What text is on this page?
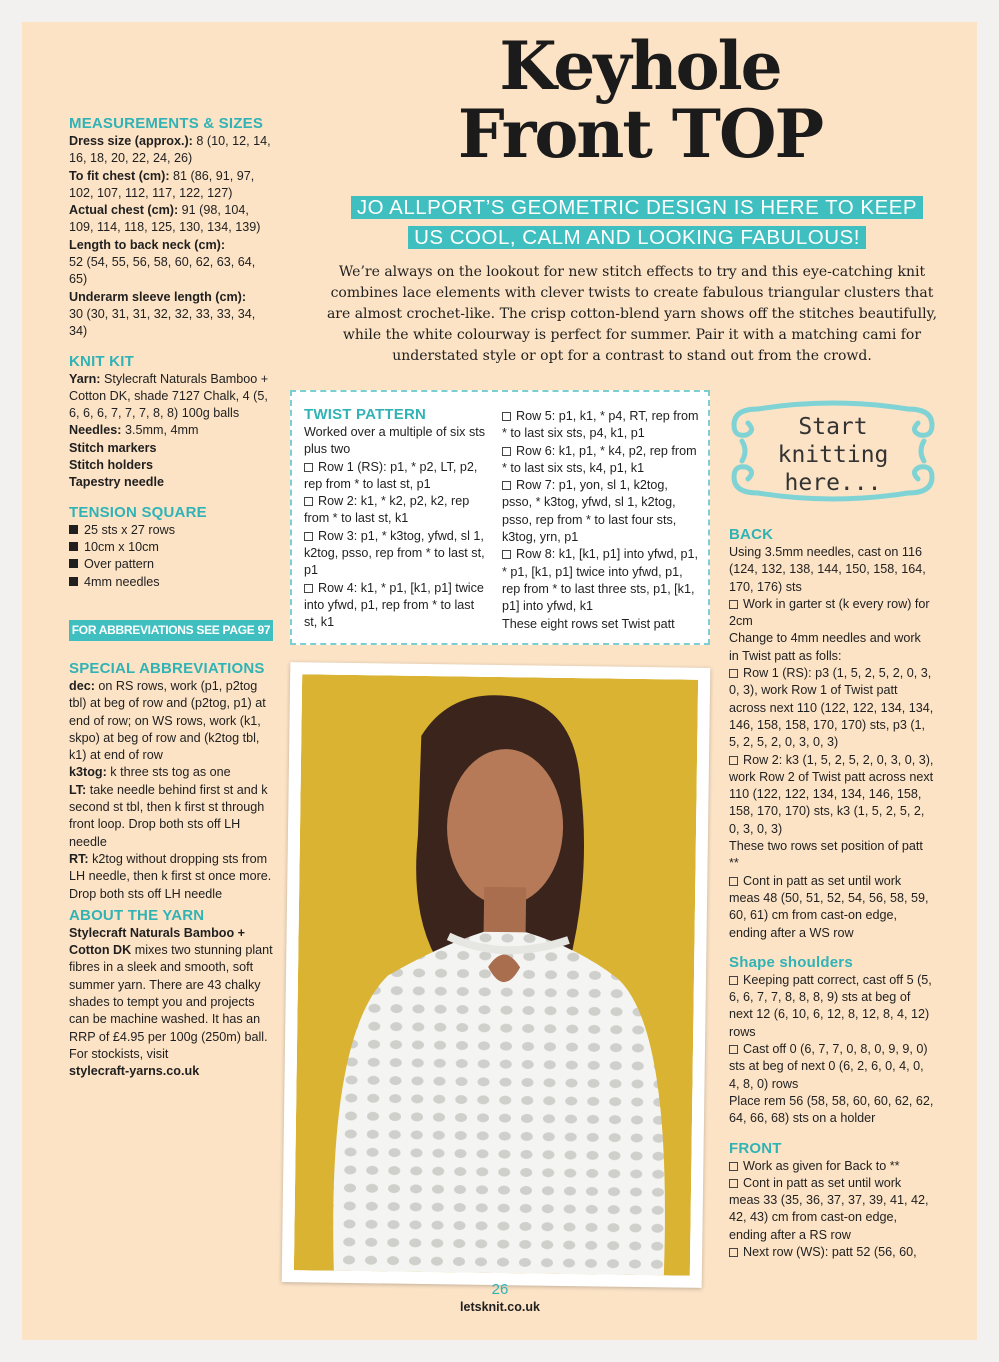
Keyhole
Front TOP
JO ALLPORT’S GEOMETRIC DESIGN IS HERE TO KEEP US COOL, CALM AND LOOKING FABULOUS!

We’re always on the lookout for new stitch effects to try and this eye-catching knit combines lace elements with clever twists to create fabulous triangular clusters that are almost crochet-like. The crisp cotton-blend yarn shows off the stitches beautifully, while the white colourway is perfect for summer. Pair it with a matching cami for understated style or opt for a contrast to stand out from the crowd.

MEASUREMENTS & SIZES

Dress size (approx.): 8 (10, 12, 14, 16, 18, 20, 22, 24, 26)

To fit chest (cm): 81 (86, 91, 97, 102, 107, 112, 117, 122, 127)

Actual chest (cm): 91 (98, 104, 109, 114, 118, 125, 130, 134, 139)

Length to back neck (cm):
52 (54, 55, 56, 58, 60, 62, 63, 64, 65)

Underarm sleeve length (cm):
30 (30, 31, 31, 32, 32, 33, 33, 34, 34)

KNIT KIT

Yarn: Stylecraft Naturals Bamboo + Cotton DK, shade 7127 Chalk, 4 (5, 6, 6, 6, 7, 7, 7, 8, 8) 100g balls

Needles: 3.5mm, 4mm

Stitch markers

Stitch holders

Tapestry needle

TENSION SQUARE

25 sts x 27 rows

10cm x 10cm

Over pattern

4mm needles

FOR ABBREVIATIONS SEE PAGE 97

SPECIAL ABBREVIATIONS

dec: on RS rows, work (p1, p2tog tbl) at beg of row and (p2tog, p1) at end of row; on WS rows, work (k1, skpo) at beg of row and (k2tog tbl, k1) at end of row

k3tog: k three sts tog as one

LT: take needle behind first st and k second st tbl, then k first st through front loop. Drop both sts off LH needle

RT: k2tog without dropping sts from LH needle, then k first st once more. Drop both sts off LH needle

ABOUT THE YARN

Stylecraft Naturals Bamboo + Cotton DK mixes two stunning plant fibres in a sleek and smooth, soft summer yarn. There are 43 chalky shades to tempt you and projects can be machine washed. It has an RRP of £4.95 per 100g (250m) ball. For stockists, visit
stylecraft-yarns.co.uk

TWIST PATTERN

Worked over a multiple of six sts plus two

Row 1 (RS): p1, * p2, LT, p2, rep from * to last st, p1

Row 2: k1, * k2, p2, k2, rep from * to last st, k1

Row 3: p1, * k3tog, yfwd, sl 1, k2tog, psso, rep from * to last st, p1

Row 4: k1, * p1, [k1, p1] twice into yfwd, p1, rep from * to last st, k1

Row 5: p1, k1, * p4, RT, rep from * to last six sts, p4, k1, p1

Row 6: k1, p1, * k4, p2, rep from * to last six sts, k4, p1, k1

Row 7: p1, yon, sl 1, k2tog, psso, * k3tog, yfwd, sl 1, k2tog, psso, rep from * to last four sts, k3tog, yrn, p1

Row 8: k1, [k1, p1] into yfwd, p1, * p1, [k1, p1] twice into yfwd, p1, rep from * to last three sts, p1, [k1, p1] into yfwd, k1

These eight rows set Twist patt

Start
knitting
here...

BACK

Using 3.5mm needles, cast on 116 (124, 132, 138, 144, 150, 158, 164, 170, 176) sts

Work in garter st (k every row) for 2cm

Change to 4mm needles and work in Twist patt as folls:

Row 1 (RS): p3 (1, 5, 2, 5, 2, 0, 3, 0, 3), work Row 1 of Twist patt across next 110 (122, 122, 134, 134, 146, 158, 158, 170, 170) sts, p3 (1, 5, 2, 5, 2, 0, 3, 0, 3)

Row 2: k3 (1, 5, 2, 5, 2, 0, 3, 0, 3), work Row 2 of Twist patt across next 110 (122, 122, 134, 134, 146, 158, 158, 170, 170) sts, k3 (1, 5, 2, 5, 2, 0, 3, 0, 3)

These two rows set position of patt **

Cont in patt as set until work meas 48 (50, 51, 52, 54, 56, 58, 59, 60, 61) cm from cast-on edge, ending after a WS row

Shape shoulders

Keeping patt correct, cast off 5 (5, 6, 6, 7, 7, 8, 8, 8, 9) sts at beg of next 12 (6, 10, 6, 12, 8, 12, 8, 4, 12) rows

Cast off 0 (6, 7, 7, 0, 8, 0, 9, 9, 0) sts at beg of next 0 (6, 2, 6, 0, 4, 0, 4, 8, 0) rows

Place rem 56 (58, 58, 60, 60, 62, 62, 64, 66, 68) sts on a holder

FRONT

Work as given for Back to **

Cont in patt as set until work meas 33 (35, 36, 37, 37, 39, 41, 42, 42, 43) cm from cast-on edge, ending after a RS row

Next row (WS): patt 52 (56, 60,

26
letsknit.co.uk
